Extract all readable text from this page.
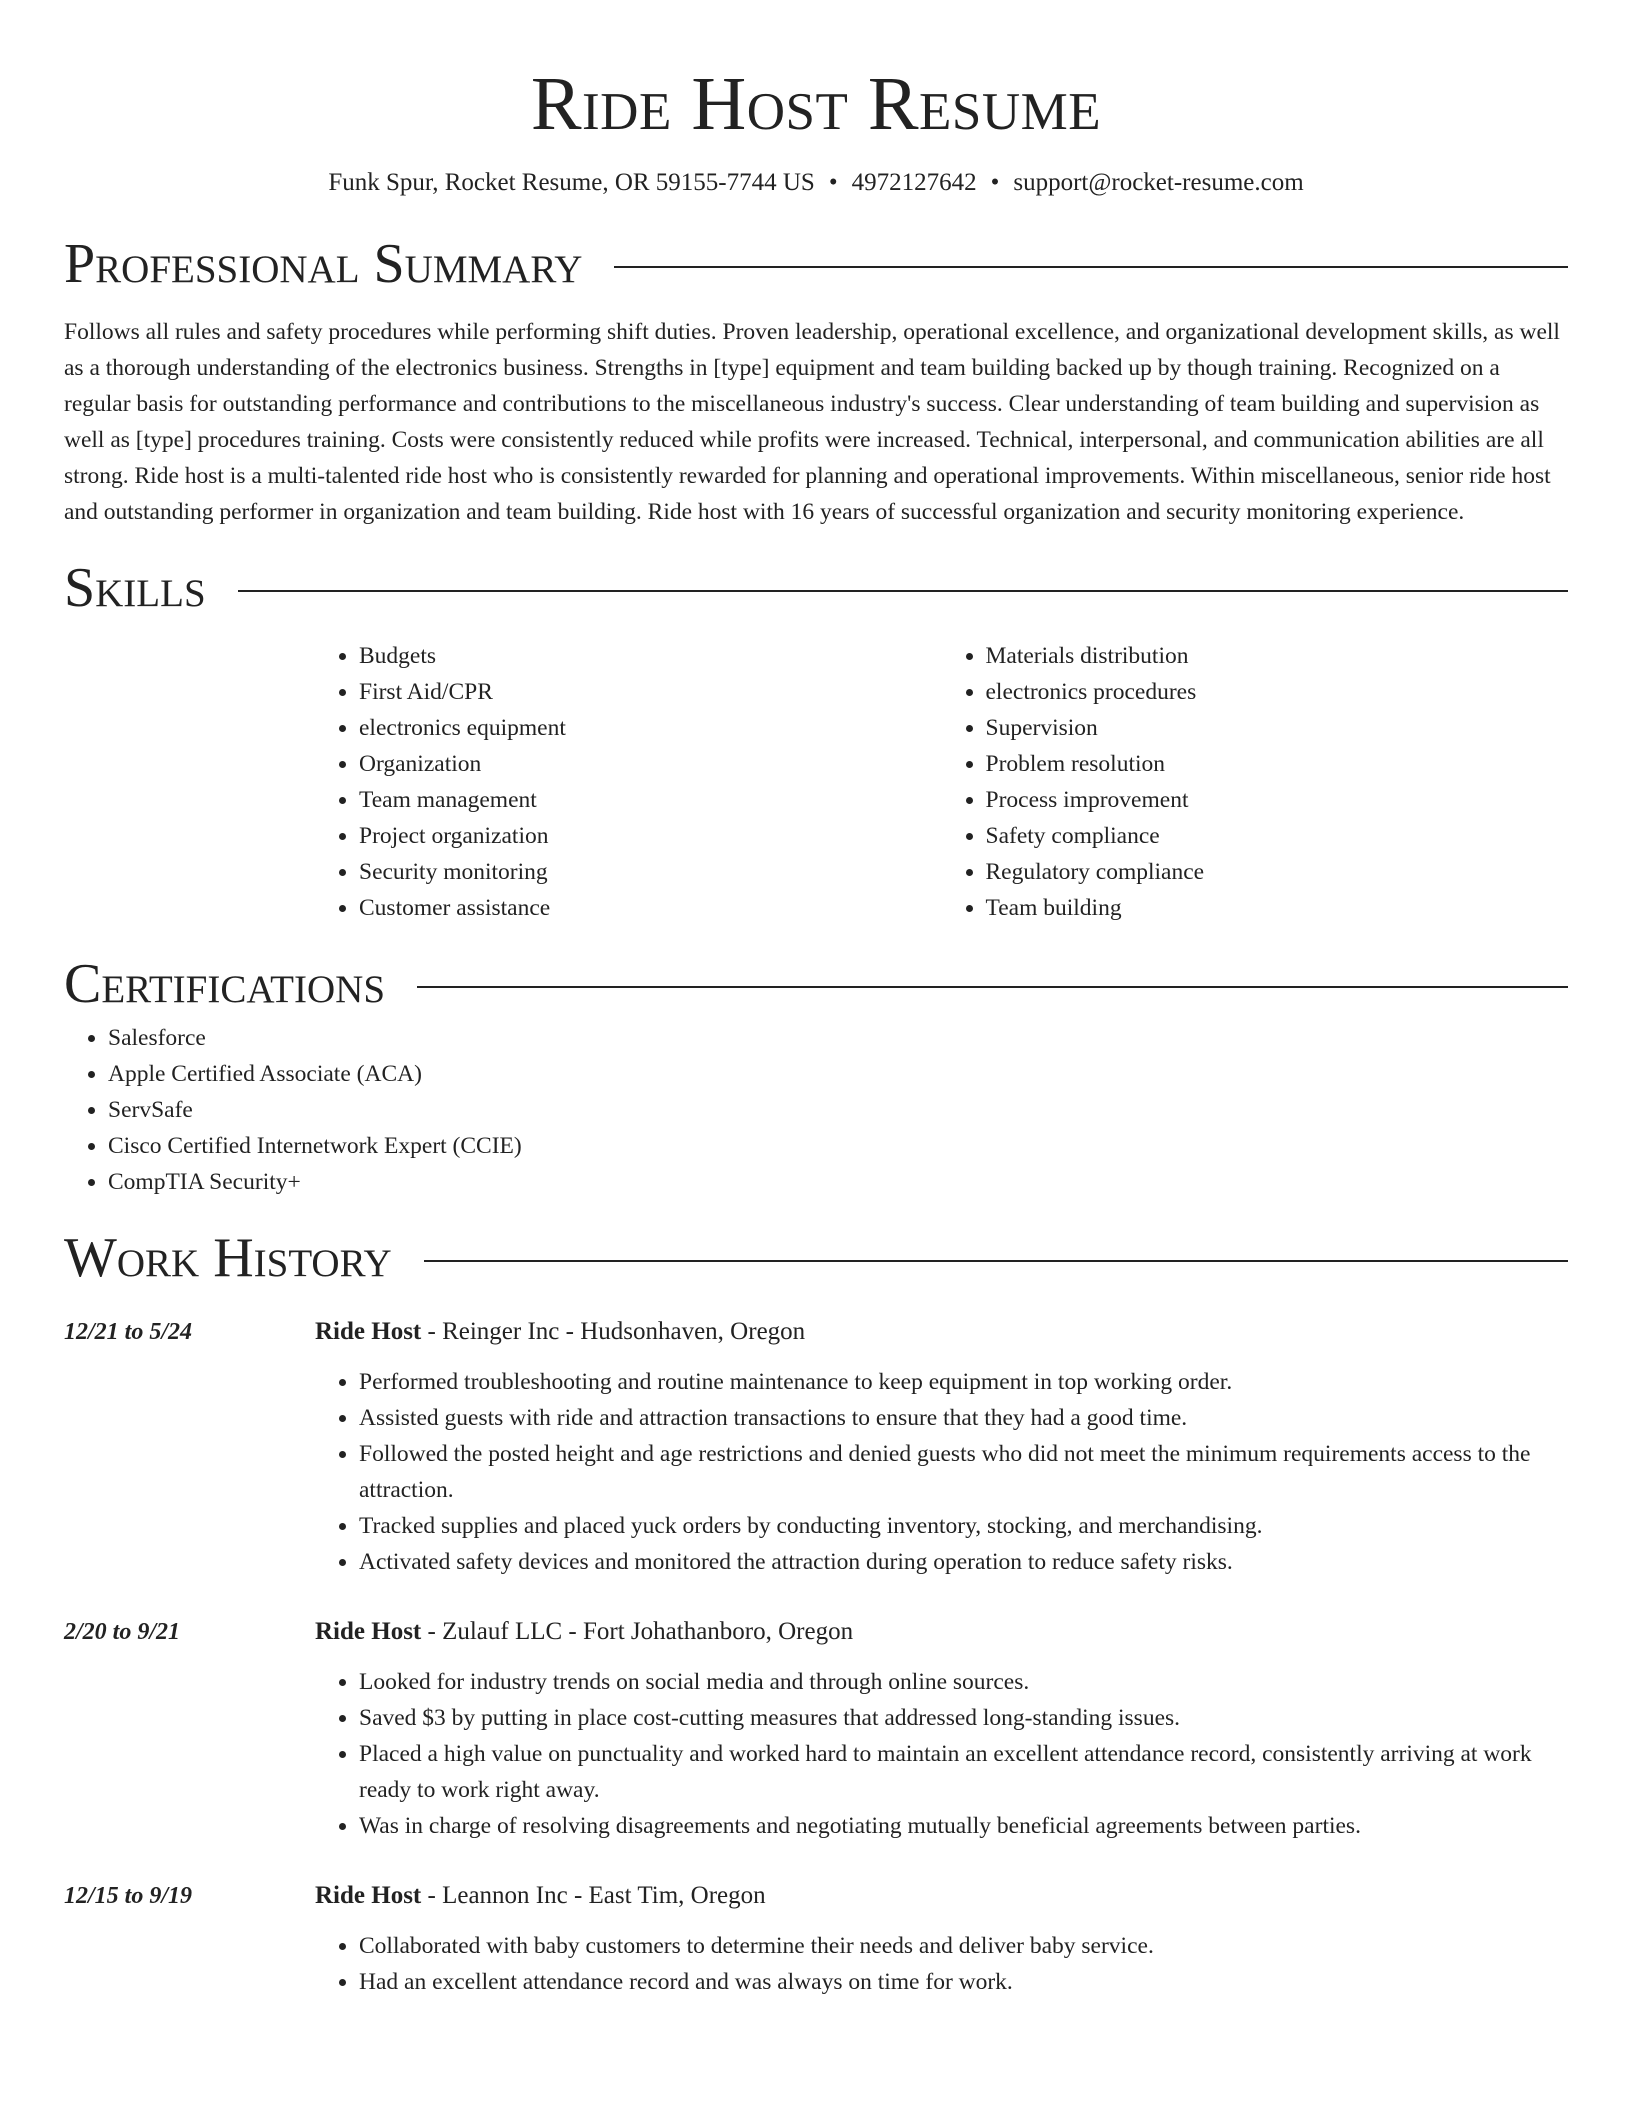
Ride Host Resume
Funk Spur, Rocket Resume, OR 59155-7744 US • 4972127642 • support@rocket-resume.com
Professional Summary

Follows all rules and safety procedures while performing shift duties. Proven leadership, operational excellence, and organizational development skills, as well as a thorough understanding of the electronics business. Strengths in [type] equipment and team building backed up by though training. Recognized on a regular basis for outstanding performance and contributions to the miscellaneous industry's success. Clear understanding of team building and supervision as well as [type] procedures training. Costs were consistently reduced while profits were increased. Technical, interpersonal, and communication abilities are all strong. Ride host is a multi-talented ride host who is consistently rewarded for planning and operational improvements. Within miscellaneous, senior ride host and outstanding performer in organization and team building. Ride host with 16 years of successful organization and security monitoring experience.

Skills
• Budgets
• First Aid/CPR
• electronics equipment
• Organization
• Team management
• Project organization
• Security monitoring
• Customer assistance
• Materials distribution
• electronics procedures
• Supervision
• Problem resolution
• Process improvement
• Safety compliance
• Regulatory compliance
• Team building
Certifications
• Salesforce
• Apple Certified Associate (ACA)
• ServSafe
• Cisco Certified Internetwork Expert (CCIE)
• CompTIA Security+
Work History
12/21 to 5/24	Ride Host - Reinger Inc - Hudsonhaven, Oregon
• Performed troubleshooting and routine maintenance to keep equipment in top working order.
• Assisted guests with ride and attraction transactions to ensure that they had a good time.
• Followed the posted height and age restrictions and denied guests who did not meet the minimum requirements access to the attraction.
• Tracked supplies and placed yuck orders by conducting inventory, stocking, and merchandising.
• Activated safety devices and monitored the attraction during operation to reduce safety risks.
2/20 to 9/21	Ride Host - Zulauf LLC - Fort Johathanboro, Oregon
• Looked for industry trends on social media and through online sources.
• Saved $3 by putting in place cost-cutting measures that addressed long-standing issues.
• Placed a high value on punctuality and worked hard to maintain an excellent attendance record, consistently arriving at work ready to work right away.
• Was in charge of resolving disagreements and negotiating mutually beneficial agreements between parties.
12/15 to 9/19	Ride Host - Leannon Inc - East Tim, Oregon
• Collaborated with baby customers to determine their needs and deliver baby service.
• Had an excellent attendance record and was always on time for work.
